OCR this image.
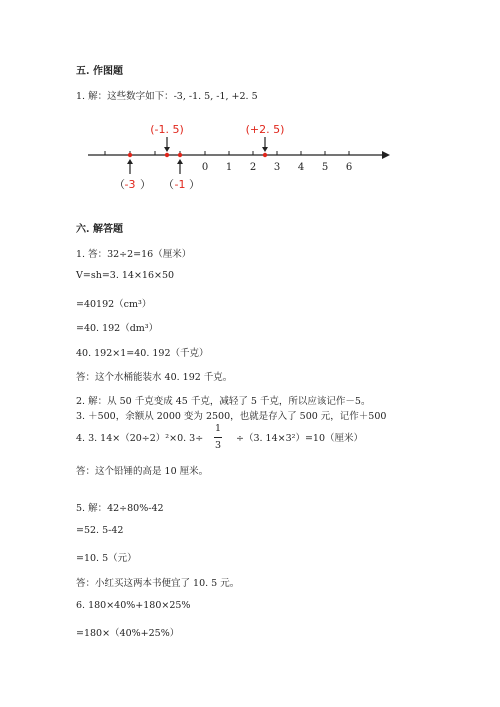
五. 作图题
1. 解：这些数字如下：-3, -1. 5, -1, +2. 5
0 1 2 3 4 5 6
(-1. 5)	(+2. 5)
（ -3 ） （ -1 ）
六. 解答题
1. 答：32÷2=16（厘米）
V=sh=3. 14×16×50
=40192（cm³）
=40. 192（dm³）
40. 192×1=40. 192（千克）
答：这个水桶能装水 40. 192 千克。
2. 解：从 50 千克变成 45 千克，减轻了 5 千克，所以应该记作－5。
3. ＋500，余额从 2000 变为 2500，也就是存入了 500 元，记作＋500
4. 3. 14×（20÷2）²×0. 3÷
1
3
÷（3. 14×3²）=10（厘米）
答：这个铅锤的高是 10 厘米。
5. 解：42÷80%-42
=52. 5-42
=10. 5（元）
答：小红买这两本书便宜了 10. 5 元。
6. 180×40%+180×25%
=180×（40%+25%）
